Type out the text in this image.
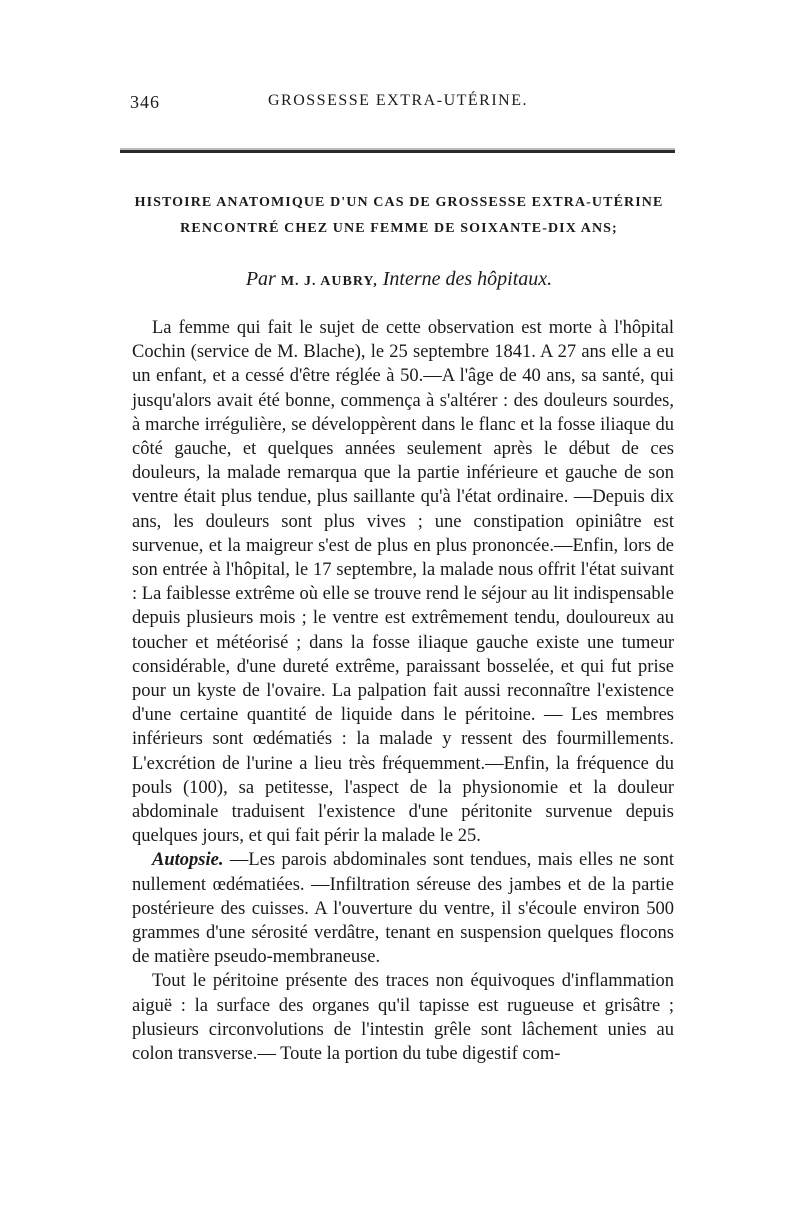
346	GROSSESSE EXTRA-UTÉRINE.
HISTOIRE ANATOMIQUE D'UN CAS DE GROSSESSE EXTRA-UTÉRINE
RENCONTRÉ CHEZ UNE FEMME DE SOIXANTE-DIX ANS;
Par M. J. AUBRY, Interne des hôpitaux.

La femme qui fait le sujet de cette observation est morte à l'hôpital Cochin (service de M. Blache), le 25 septembre 1841. A 27 ans elle a eu un enfant, et a cessé d'être réglée à 50.—A l'âge de 40 ans, sa santé, qui jusqu'alors avait été bonne, commença à s'altérer : des douleurs sourdes, à marche irrégulière, se développèrent dans le flanc et la fosse iliaque du côté gauche, et quelques années seulement après le début de ces douleurs, la malade remarqua que la partie inférieure et gauche de son ventre était plus tendue, plus saillante qu'à l'état ordinaire. —Depuis dix ans, les douleurs sont plus vives ; une constipation opiniâtre est survenue, et la maigreur s'est de plus en plus prononcée.—Enfin, lors de son entrée à l'hôpital, le 17 septembre, la malade nous offrit l'état suivant : La faiblesse extrême où elle se trouve rend le séjour au lit indispensable depuis plusieurs mois ; le ventre est extrêmement tendu, douloureux au toucher et météorisé ; dans la fosse iliaque gauche existe une tumeur considérable, d'une dureté extrême, paraissant bosselée, et qui fut prise pour un kyste de l'ovaire. La palpation fait aussi reconnaître l'existence d'une certaine quantité de liquide dans le péritoine. — Les membres inférieurs sont œdématiés : la malade y ressent des fourmillements. L'excrétion de l'urine a lieu très fréquemment.—Enfin, la fréquence du pouls (100), sa petitesse, l'aspect de la physionomie et la douleur abdominale traduisent l'existence d'une péritonite survenue depuis quelques jours, et qui fait périr la malade le 25.

Autopsie. —Les parois abdominales sont tendues, mais elles ne sont nullement œdématiées. —Infiltration séreuse des jambes et de la partie postérieure des cuisses. A l'ouverture du ventre, il s'écoule environ 500 grammes d'une sérosité verdâtre, tenant en suspension quelques flocons de matière pseudo-membraneuse.

Tout le péritoine présente des traces non équivoques d'inflammation aiguë : la surface des organes qu'il tapisse est rugueuse et grisâtre ; plusieurs circonvolutions de l'intestin grêle sont lâchement unies au colon transverse.— Toute la portion du tube digestif com-
